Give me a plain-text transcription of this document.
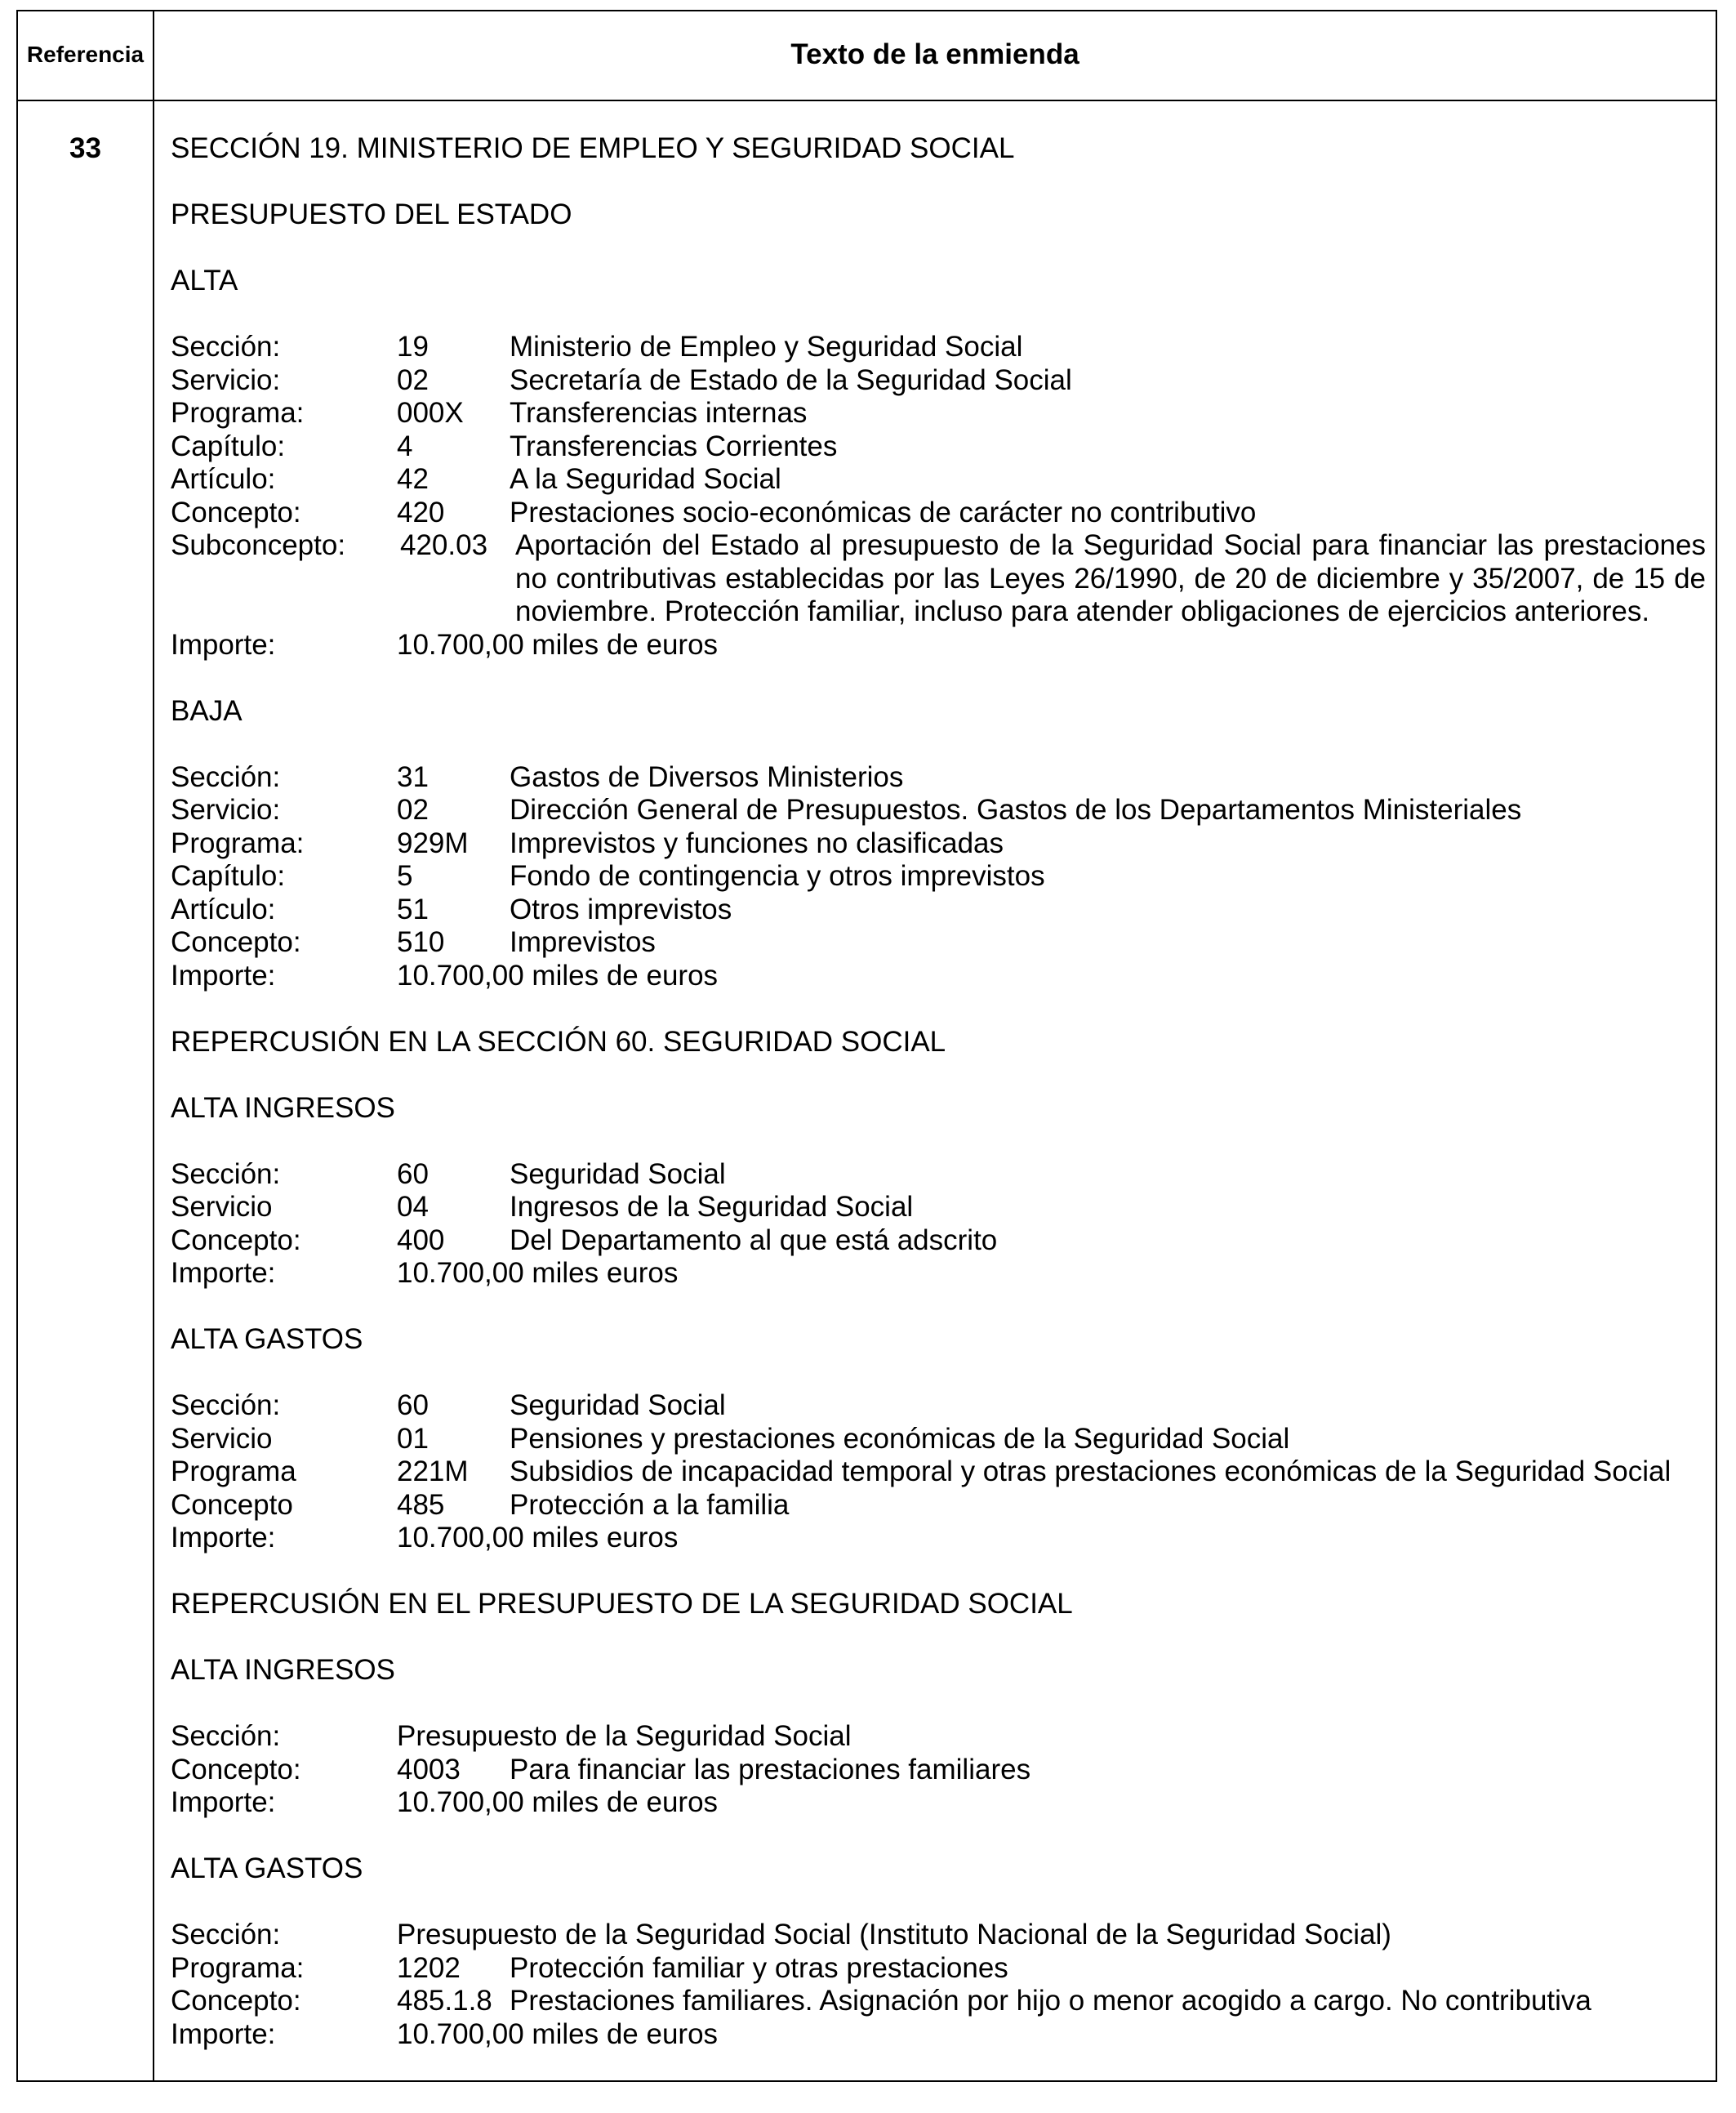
Referencia	Texto de la enmienda
33	SECCIÓN 19. MINISTERIO DE EMPLEO Y SEGURIDAD SOCIAL
PRESUPUESTO DEL ESTADO
ALTA
Sección:	19	Ministerio de Empleo y Seguridad Social
Servicio:	02	Secretaría de Estado de la Seguridad Social
Programa:	000X	Transferencias internas
Capítulo:	4	Transferencias Corrientes
Artículo:	42	A la Seguridad Social
Concepto:	420	Prestaciones socio-económicas de carácter no contributivo
Subconcepto:	420.03 Aportación del Estado al presupuesto de la Seguridad Social para financiar las prestaciones no contributivas establecidas por las Leyes 26/1990, de 20 de diciembre y 35/2007, de 15 de noviembre. Protección familiar, incluso para atender obligaciones de ejercicios anteriores.
Importe:	10.700,00 miles de euros
BAJA
Sección:	31	Gastos de Diversos Ministerios
Servicio:	02	Dirección General de Presupuestos. Gastos de los Departamentos Ministeriales
Programa:	929M	Imprevistos y funciones no clasificadas
Capítulo:	5	Fondo de contingencia y otros imprevistos
Artículo:	51	Otros imprevistos
Concepto:	510	Imprevistos
Importe:	10.700,00 miles de euros
REPERCUSIÓN EN LA SECCIÓN 60. SEGURIDAD SOCIAL
ALTA INGRESOS
Sección:	60	Seguridad Social
Servicio	04	Ingresos de la Seguridad Social
Concepto:	400	Del Departamento al que está adscrito
Importe:	10.700,00 miles euros
ALTA GASTOS
Sección:	60	Seguridad Social
Servicio	01	Pensiones y prestaciones económicas de la Seguridad Social
Programa	221M	Subsidios de incapacidad temporal y otras prestaciones económicas de la Seguridad Social
Concepto	485	Protección a la familia
Importe:	10.700,00 miles euros
REPERCUSIÓN EN EL PRESUPUESTO DE LA SEGURIDAD SOCIAL
ALTA INGRESOS
Sección:	Presupuesto de la Seguridad Social
Concepto:	4003	Para financiar las prestaciones familiares
Importe:	10.700,00 miles de euros
ALTA GASTOS
Sección:	Presupuesto de la Seguridad Social (Instituto Nacional de la Seguridad Social)
Programa:	1202	Protección familiar y otras prestaciones
Concepto:	485.1.8 Prestaciones familiares. Asignación por hijo o menor acogido a cargo. No contributiva
Importe:	10.700,00 miles de euros
